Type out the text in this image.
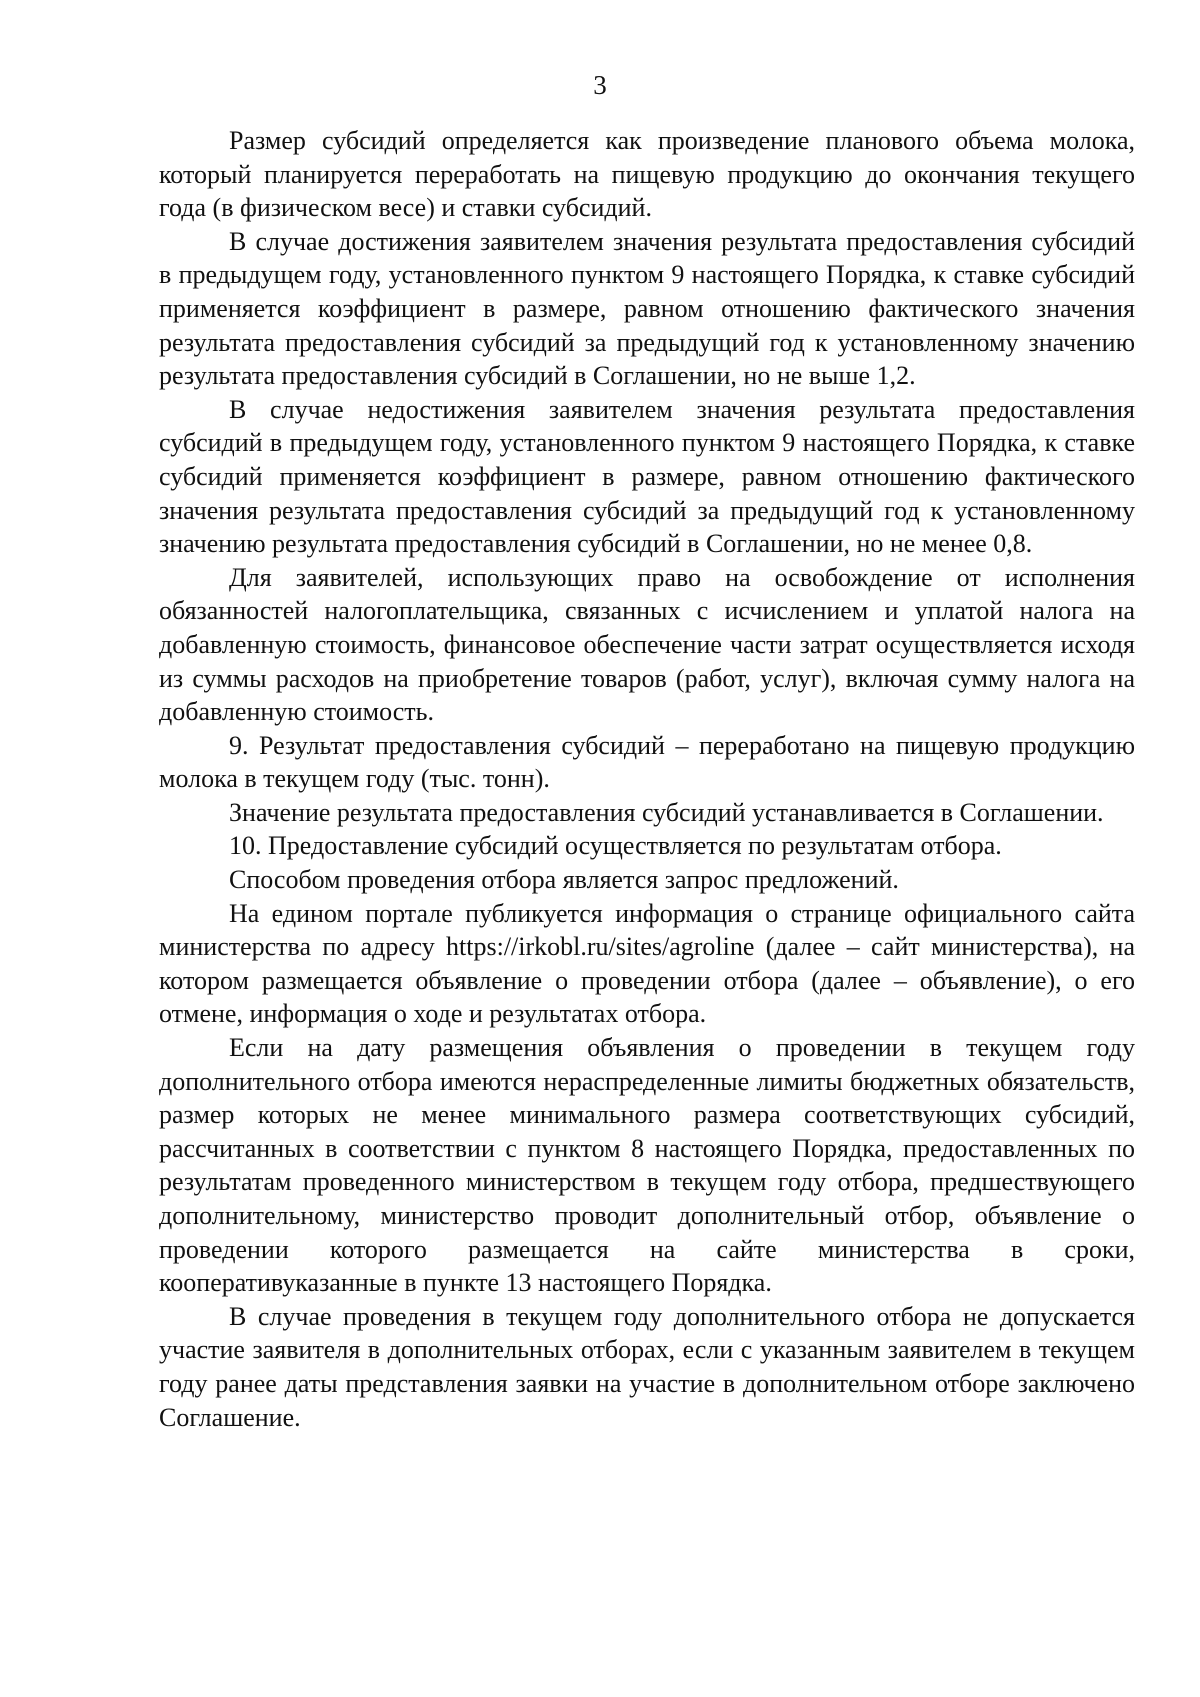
3

Размер субсидий определяется как произведение планового объема молока, который планируется переработать на пищевую продукцию до окончания текущего года (в физическом весе) и ставки субсидий.

В случае достижения заявителем значения результата предоставления субсидий в предыдущем году, установленного пунктом 9 настоящего Порядка, к ставке субсидий применяется коэффициент в размере, равном отношению фактического значения результата предоставления субсидий за предыдущий год к установленному значению результата предоставления субсидий в Соглашении, но не выше 1,2.

В случае недостижения заявителем значения результата предоставления субсидий в предыдущем году, установленного пунктом 9 настоящего Порядка, к ставке субсидий применяется коэффициент в размере, равном отношению фактического значения результата предоставления субсидий за предыдущий год к установленному значению результата предоставления субсидий в Соглашении, но не менее 0,8.

Для заявителей, использующих право на освобождение от исполнения обязанностей налогоплательщика, связанных с исчислением и уплатой налога на добавленную стоимость, финансовое обеспечение части затрат осуществляется исходя из суммы расходов на приобретение товаров (работ, услуг), включая сумму налога на добавленную стоимость.

9. Результат предоставления субсидий – переработано на пищевую продукцию молока в текущем году (тыс. тонн).

Значение результата предоставления субсидий устанавливается в Соглашении.

10. Предоставление субсидий осуществляется по результатам отбора.

Способом проведения отбора является запрос предложений.

На едином портале публикуется информация о странице официального сайта министерства по адресу https://irkobl.ru/sites/agroline (далее – сайт министерства), на котором размещается объявление о проведении отбора (далее – объявление), о его отмене, информация о ходе и результатах отбора.

Если на дату размещения объявления о проведении в текущем году дополнительного отбора имеются нераспределенные лимиты бюджетных обязательств, размер которых не менее минимального размера соответствующих субсидий, рассчитанных в соответствии с пунктом 8 настоящего Порядка, предоставленных по результатам проведенного министерством в текущем году отбора, предшествующего дополнительному, министерство проводит дополнительный отбор, объявление о проведении которого размещается на сайте министерства в сроки, кооперативуказанные в пункте 13 настоящего Порядка.

В случае проведения в текущем году дополнительного отбора не допускается участие заявителя в дополнительных отборах, если с указанным заявителем в текущем году ранее даты представления заявки на участие в дополнительном отборе заключено Соглашение.
